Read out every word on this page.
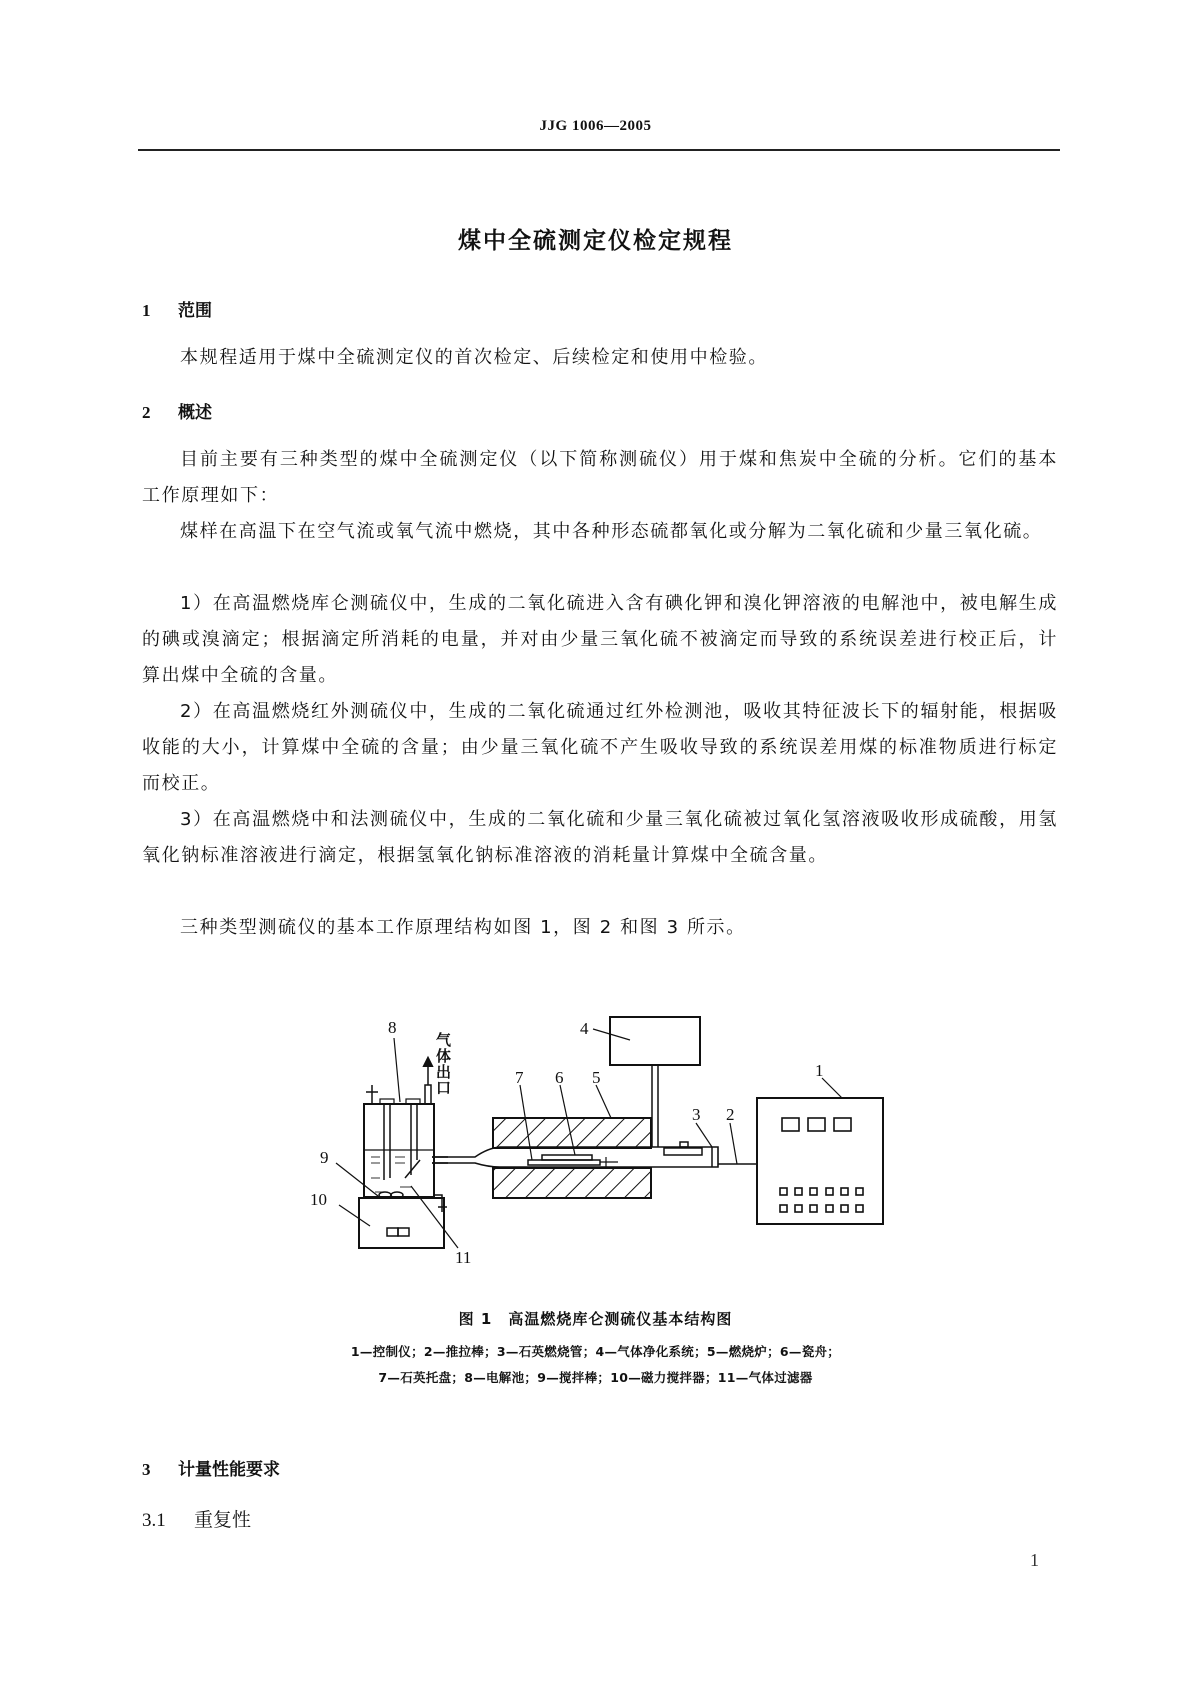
JJG 1006—2005
煤中全硫测定仪检定规程
1 范围
本规程适用于煤中全硫测定仪的首次检定、后续检定和使用中检验。
2 概述
目前主要有三种类型的煤中全硫测定仪（以下简称测硫仪）用于煤和焦炭中全硫的分析。它们的基本工作原理如下：
煤样在高温下在空气流或氧气流中燃烧，其中各种形态硫都氧化或分解为二氧化硫和少量三氧化硫。
1）在高温燃烧库仑测硫仪中，生成的二氧化硫进入含有碘化钾和溴化钾溶液的电解池中，被电解生成的碘或溴滴定；根据滴定所消耗的电量，并对由少量三氧化硫不被滴定而导致的系统误差进行校正后，计算出煤中全硫的含量。
2）在高温燃烧红外测硫仪中，生成的二氧化硫通过红外检测池，吸收其特征波长下的辐射能，根据吸收能的大小，计算煤中全硫的含量；由少量三氧化硫不产生吸收导致的系统误差用煤的标准物质进行标定而校正。
3）在高温燃烧中和法测硫仪中，生成的二氧化硫和少量三氧化硫被过氧化氢溶液吸收形成硫酸，用氢氧化钠标准溶液进行滴定，根据氢氧化钠标准溶液的消耗量计算煤中全硫含量。
三种类型测硫仪的基本工作原理结构如图 1，图 2 和图 3 所示。
8
9
10
11
7 6 5
4
3 2
1
气体出口
图 1　高温燃烧库仑测硫仪基本结构图
1—控制仪；2—推拉棒；3—石英燃烧管；4—气体净化系统；5—燃烧炉；6—瓷舟；
7—石英托盘；8—电解池；9—搅拌棒；10—磁力搅拌器；11—气体过滤器
3 计量性能要求
3.1 重复性
1
